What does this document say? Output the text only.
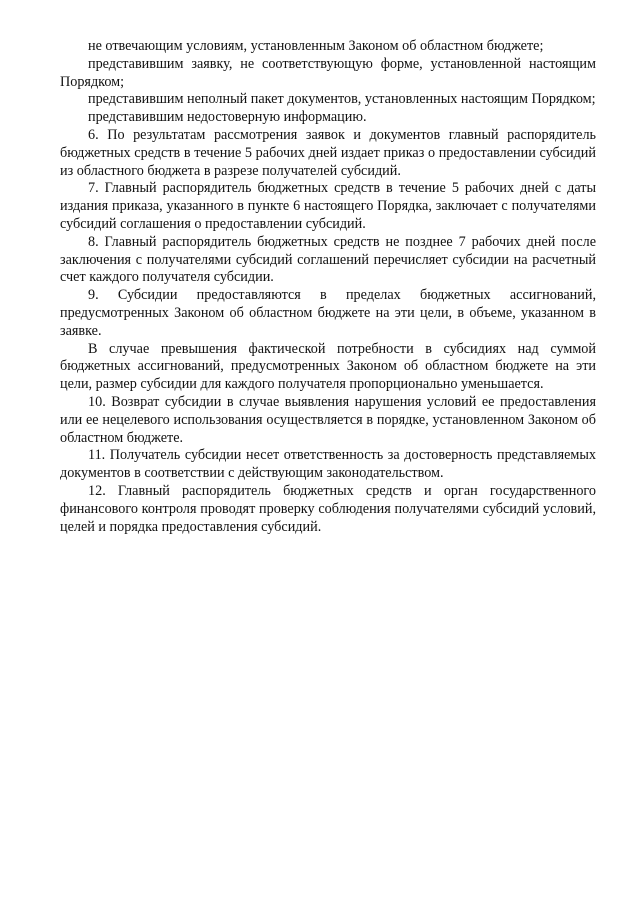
не отвечающим условиям, установленным Законом об областном бюджете;

представившим заявку, не соответствующую форме, установленной настоящим Порядком;

представившим неполный пакет документов, установленных настоящим Порядком;

представившим недостоверную информацию.

6. По результатам рассмотрения заявок и документов главный распорядитель бюджетных средств в течение 5 рабочих дней издает приказ о предоставлении субсидий из областного бюджета в разрезе получателей субсидий.

7. Главный распорядитель бюджетных средств в течение 5 рабочих дней с даты издания приказа, указанного в пункте 6 настоящего Порядка, заключает с получателями субсидий соглашения о предоставлении субсидий.

8. Главный распорядитель бюджетных средств не позднее 7 рабочих дней после заключения с получателями субсидий соглашений перечисляет субсидии на расчетный счет каждого получателя субсидии.

9. Субсидии предоставляются в пределах бюджетных ассигнований, предусмотренных Законом об областном бюджете на эти цели, в объеме, указанном в заявке.

В случае превышения фактической потребности в субсидиях над суммой бюджетных ассигнований, предусмотренных Законом об областном бюджете на эти цели, размер субсидии для каждого получателя пропорционально уменьшается.

10. Возврат субсидии в случае выявления нарушения условий ее предоставления или ее нецелевого использования осуществляется в порядке, установленном Законом об областном бюджете.

11. Получатель субсидии несет ответственность за достоверность представляемых документов в соответствии с действующим законодательством.

12. Главный распорядитель бюджетных средств и орган государственного финансового контроля проводят проверку соблюдения получателями субсидий условий, целей и порядка предоставления субсидий.
